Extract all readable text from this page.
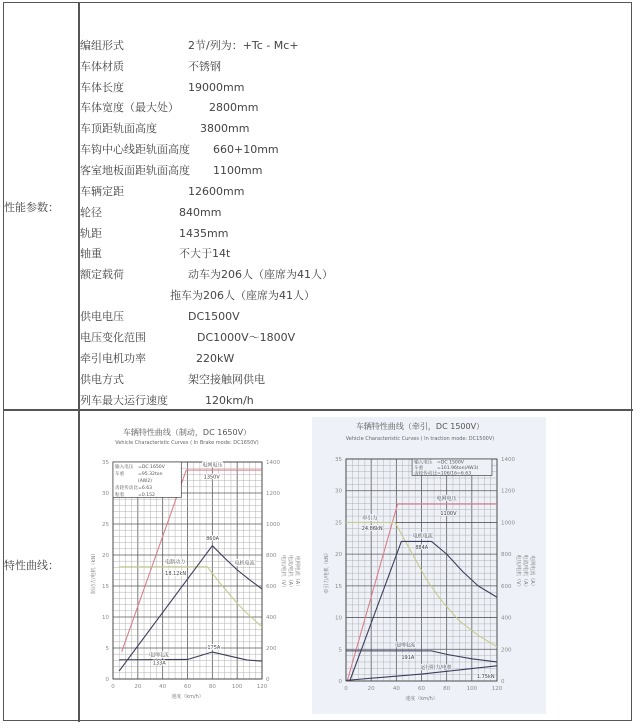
性能参数：
编组形式	2节/列为：+Tc - Mc+
车体材质	不锈钢
车体长度	19000mm
车体宽度（最大处）	2800mm
车顶距轨面高度	3800mm
车钩中心线距轨面高度 660+10mm
客室地板面距轨面高度 1100mm
车辆定距	12600mm
轮径	840mm
轨距	1435mm
轴重	不大于14t
额定载荷	动车为206人（座席为41人）
拖车为206人（座席为41人）
供电电压	DC1500V
电压变化范围	DC1000V～1800V
牵引电机功率	220kW
供电方式	架空接触网供电
列车最大运行速度	120km/h
特性曲线：
车辆特性曲线（制动，DC 1650V）
Vehicle Characteristic Curves ( In Brake mode: DC1650V)
0
5
10
15
20
25
30
35
0
200
400
600
800
1000
1200
1400
0	20	40	60	80	100	120
速度（km/h）
制动力/电机（kN）	电压/电机（V） 电流/电机（A） 电网电流（A）
输入电压　=DC 1650V
车重　　　=95.32ton
　　　　　(AW2)
齿轮传动比=6.63
粘着　　　=0.152
电网电压
1350V
860A
电制动力
18.12kN
电机电流
电网电流
133A
175A
车辆特性曲线（牵引，DC 1500V）
Vehicle Characteristic Curves ( In traction mode: DC1500V)
0
5
10
15
20
25
30
35
0
200
400
600
800
1000
1200
1400
0	20	40	60	80	100	120
速度（km/h）
牵引力/电机（kN）	电压/电机（V） 电流/电机（A） 电网电流（A）
输入电压　=DC 1500V
车重　　　=101.96ton(AW3)
齿轮传动比=106/16=6.63
电网电压
1100V
牵引力
24.86kN
电机电流
884A
电网电流
191A
运行阻力/电机
1.75kN
